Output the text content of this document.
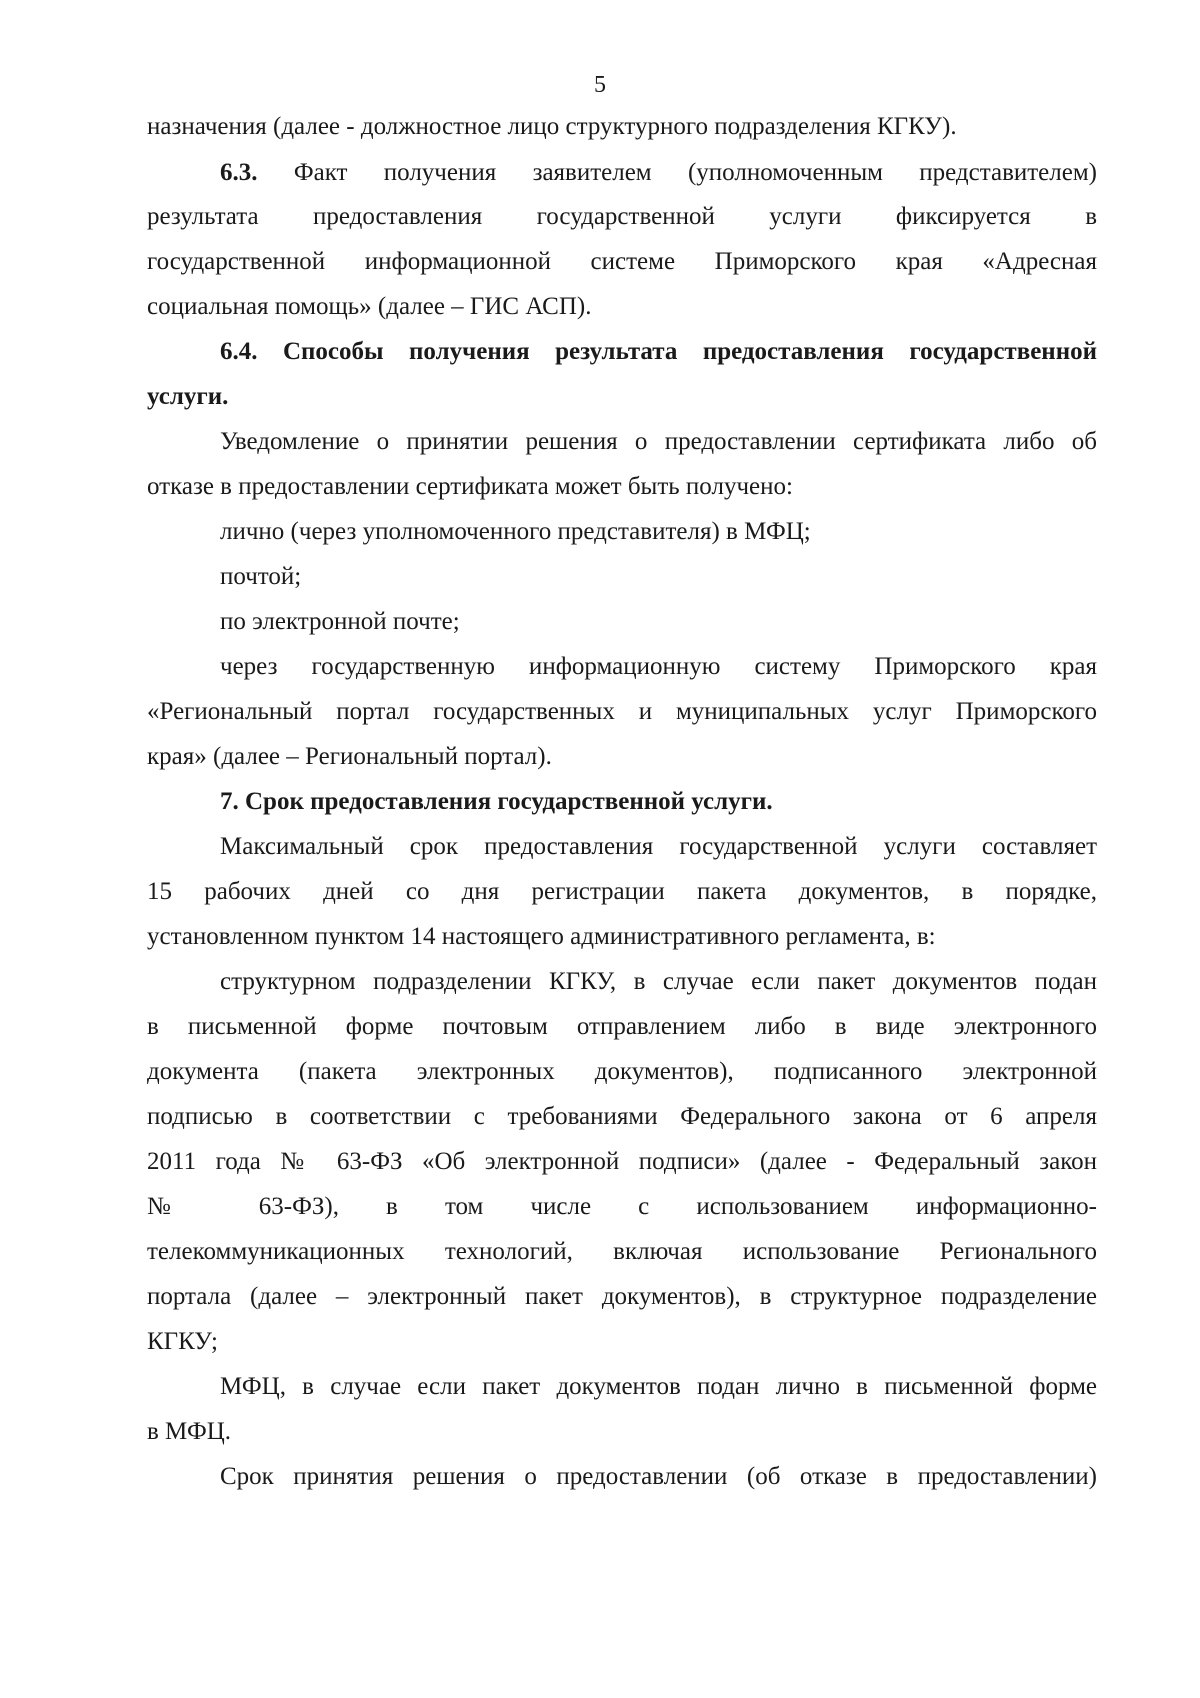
5
назначения (далее - должностное лицо структурного подразделения КГКУ).
6.3. Факт получения заявителем (уполномоченным представителем)
результата предоставления государственной услуги фиксируется в
государственной информационной системе Приморского края «Адресная
социальная помощь» (далее – ГИС АСП).
6.4. Способы получения результата предоставления государственной
услуги.
Уведомление о принятии решения о предоставлении сертификата либо об
отказе в предоставлении сертификата может быть получено:
лично (через уполномоченного представителя) в МФЦ;
почтой;
по электронной почте;
через государственную информационную систему Приморского края
«Региональный портал государственных и муниципальных услуг Приморского
края» (далее – Региональный портал).
7. Срок предоставления государственной услуги.
Максимальный срок предоставления государственной услуги составляет
15 рабочих дней со дня регистрации пакета документов, в порядке,
установленном пунктом 14 настоящего административного регламента, в:
структурном подразделении КГКУ, в случае если пакет документов подан
в письменной форме почтовым отправлением либо в виде электронного
документа (пакета электронных документов), подписанного электронной
подписью в соответствии с требованиями Федерального закона от 6 апреля
2011 года № 63-ФЗ «Об электронной подписи» (далее - Федеральный закон
№ 63-ФЗ), в том числе с использованием информационно-
телекоммуникационных технологий, включая использование Регионального
портала (далее – электронный пакет документов), в структурное подразделение
КГКУ;
МФЦ, в случае если пакет документов подан лично в письменной форме
в МФЦ.
Срок принятия решения о предоставлении (об отказе в предоставлении)
